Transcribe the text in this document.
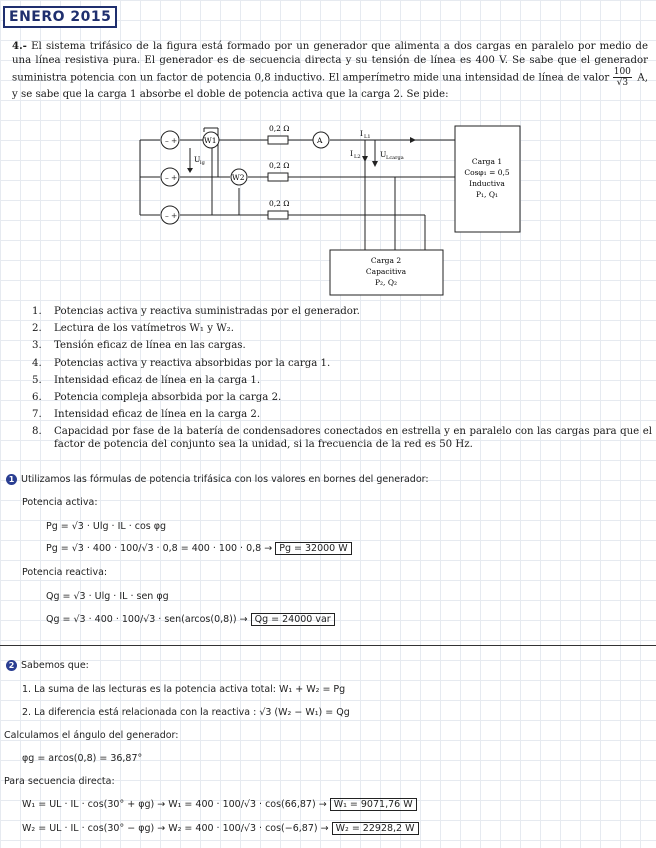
ENERO 2015
4.- El sistema trifásico de la figura está formado por un generador que alimenta a dos cargas en paralelo por medio de una línea resistiva pura. El generador es de secuencia directa y su tensión de línea es 400 V. Se sabe que el generador suministra potencia con un factor de potencia 0,8 inductivo. El amperímetro mide una intensidad de línea de valor $\frac{100}{√3} A$, y se sabe que la carga 1 absorbe el doble de potencia activa que la carga 2. Se pide:
– +
– +
– +
W1
W2
U lg
0,2 Ω
0,2 Ω
0,2 Ω
A
I L1
I L2	U Lcarga	Carga 1
Cosφ₁ = 0,5
Inductiva
P₁, Q₁
Carga 2
Capacitiva
P₂, Q₂
1. Potencias activa y reactiva suministradas por el generador.
2. Lectura de los vatímetros W₁ y W₂.
3. Tensión eficaz de línea en las cargas.
4. Potencias activa y reactiva absorbidas por la carga 1.
5. Intensidad eficaz de línea en la carga 1.
6. Potencia compleja absorbida por la carga 2.
7. Intensidad eficaz de línea en la carga 2.
8. Capacidad por fase de la batería de condensadores conectados en estrella y en paralelo con las cargas para que el factor de potencia del conjunto sea la unidad, si la frecuencia de la red es 50 Hz.
1 Utilizamos las fórmulas de potencia trifásica con los valores en bornes del generador:
Potencia activa:
Pg = √3 · Ulg · IL · cos φg
Pg = √3 · 400 · 100/√3 · 0,8 = 400 · 100 · 0,8 → Pg = 32000 W
Potencia reactiva:
Qg = √3 · Ulg · IL · sen φg
Qg = √3 · 400 · 100/√3 · sen(arcos(0,8)) → Qg = 24000 var
2 Sabemos que:
1. La suma de las lecturas es la potencia activa total: W₁ + W₂ = Pg
2. La diferencia está relacionada con la reactiva : √3 (W₂ − W₁) = Qg
Calculamos el ángulo del generador:
φg = arcos(0,8) = 36,87°
Para secuencia directa:
W₁ = UL · IL · cos(30° + φg) → W₁ = 400 · 100/√3 · cos(66,87) → W₁ = 9071,76 W
W₂ = UL · IL · cos(30° − φg) → W₂ = 400 · 100/√3 · cos(−6,87) → W₂ = 22928,2 W
